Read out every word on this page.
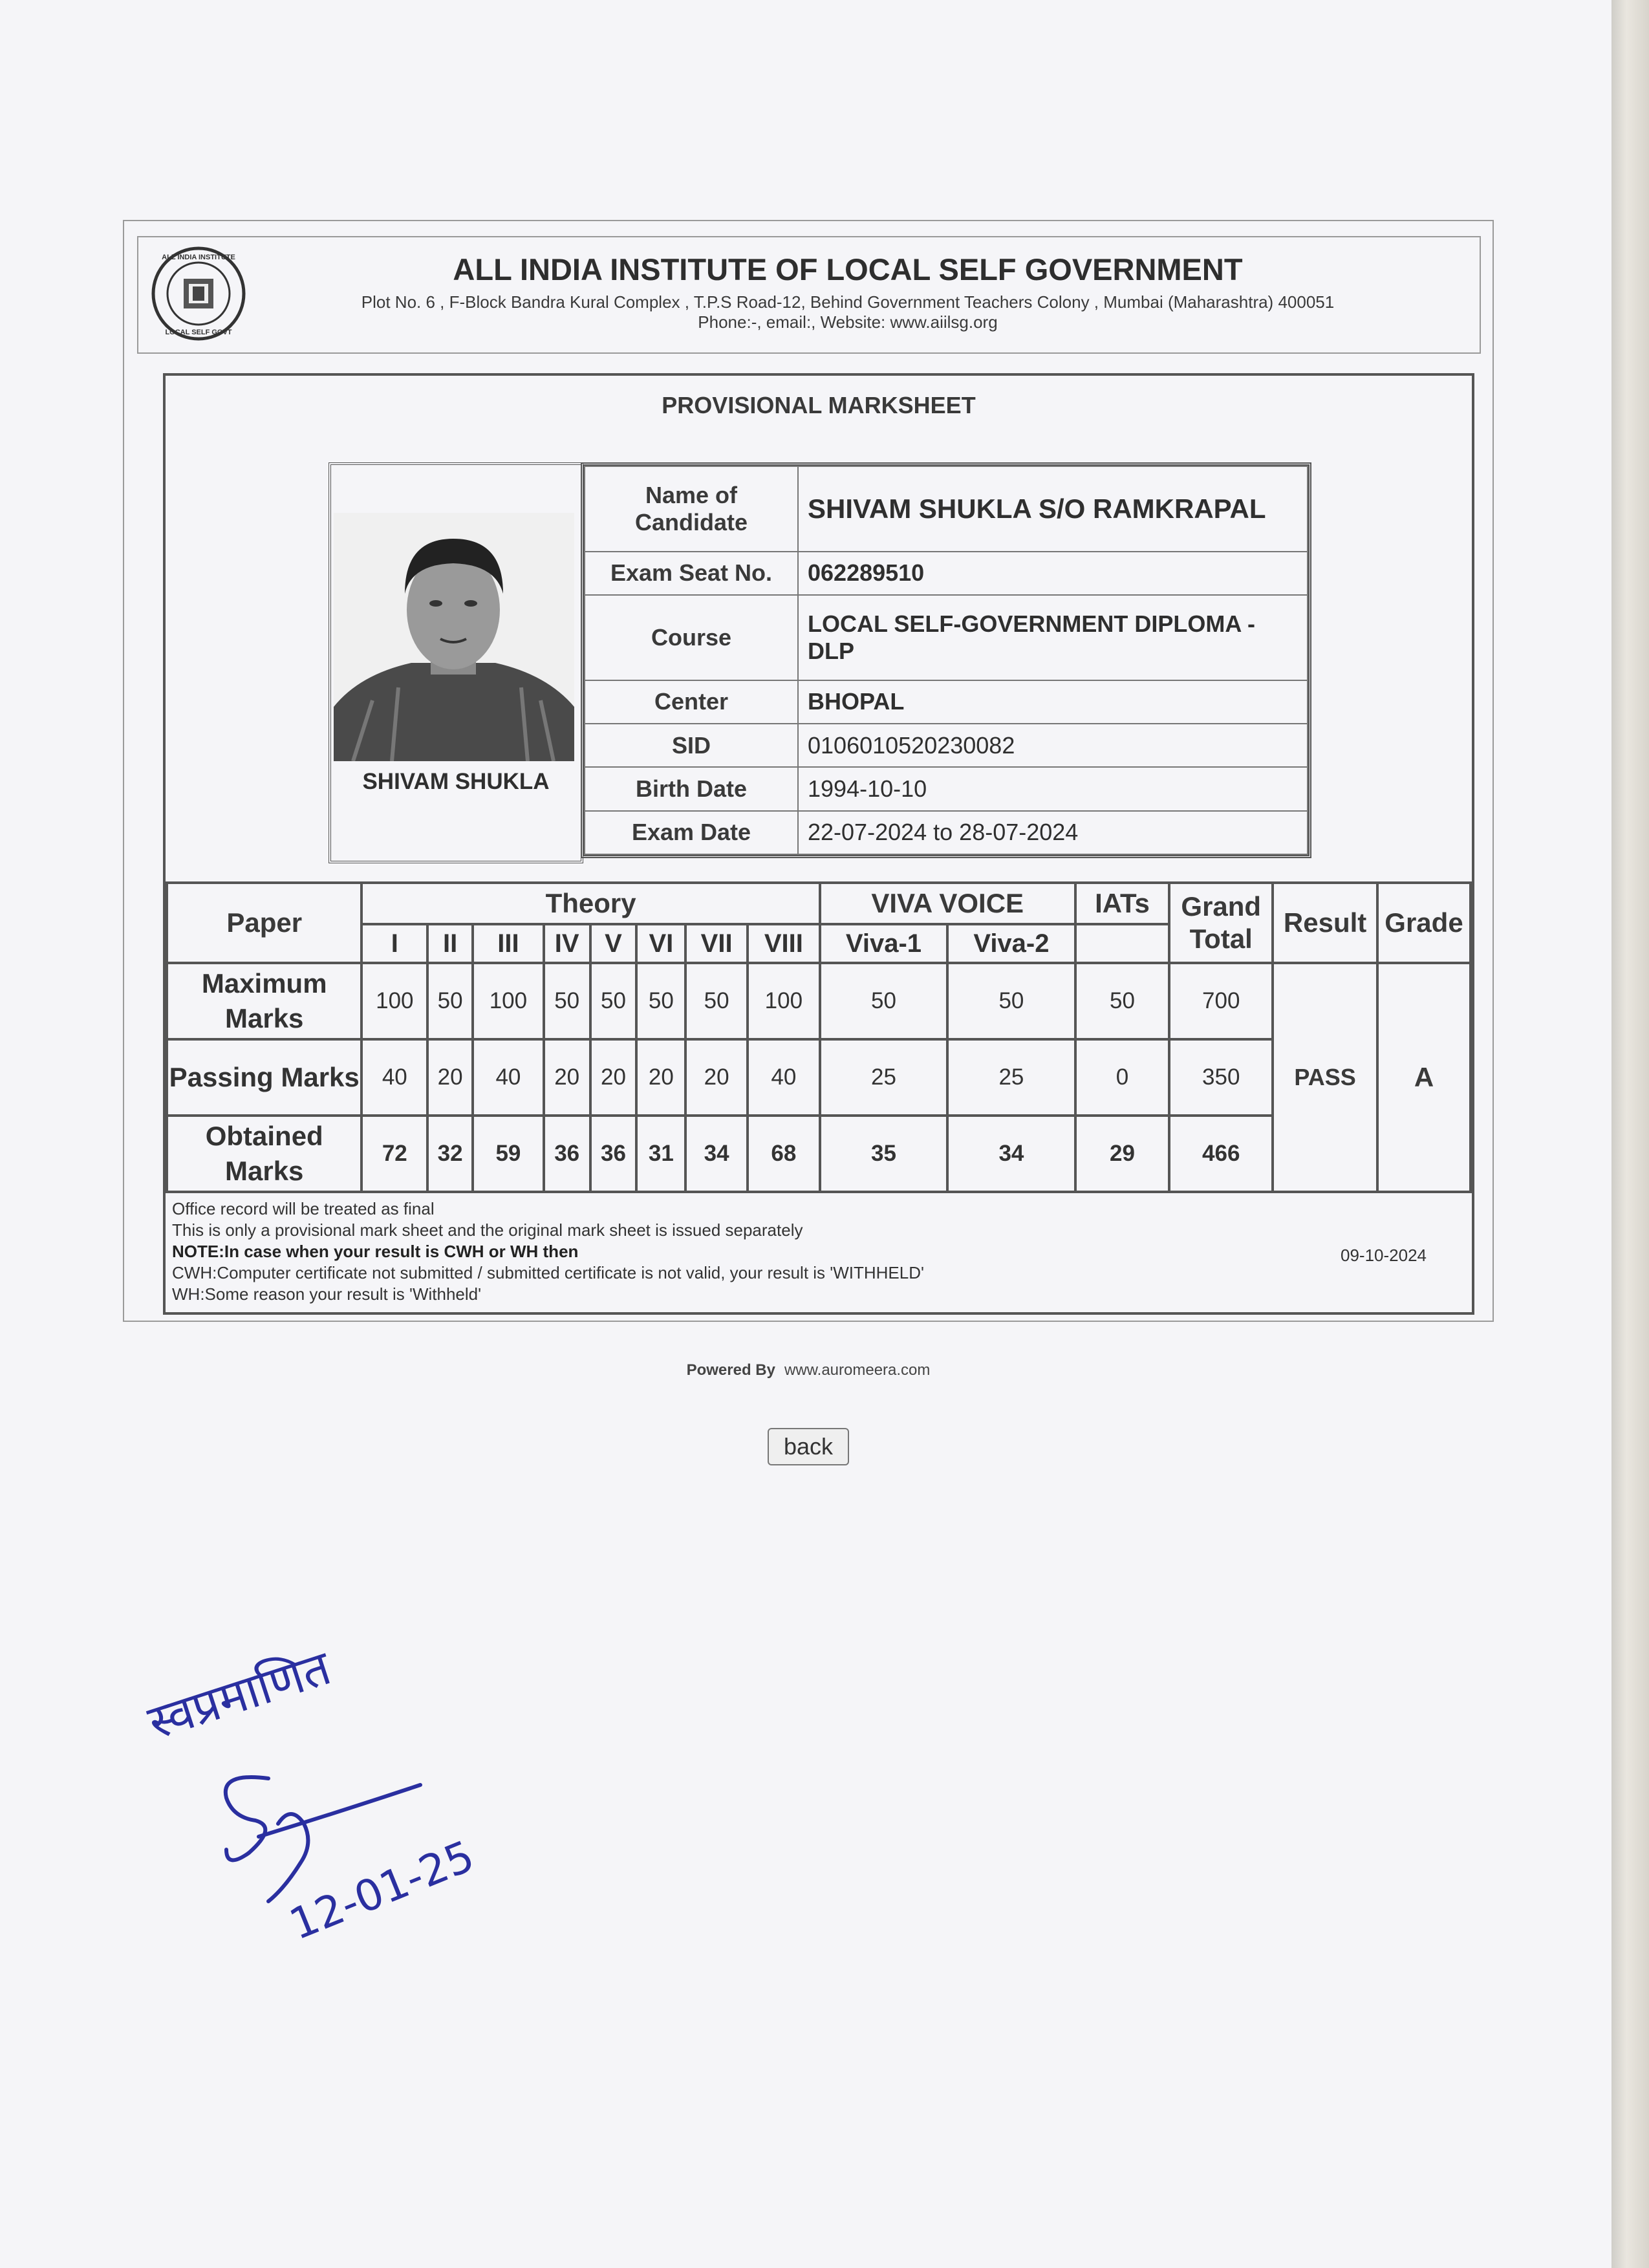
ALL INDIA INSTITUTE
LOCAL SELF GOVT
ALL INDIA INSTITUTE OF LOCAL SELF GOVERNMENT
Plot No. 6 , F-Block Bandra Kural Complex , T.P.S Road-12, Behind Government Teachers Colony , Mumbai (Maharashtra) 400051
Phone:-, email:, Website: www.aiilsg.org
PROVISIONAL MARKSHEET
SHIVAM SHUKLA
Name of Candidate	SHIVAM SHUKLA S/O RAMKRAPAL
Exam Seat No.	062289510
Course	LOCAL SELF-GOVERNMENT DIPLOMA -DLP
Center	BHOPAL
SID	0106010520230082
Birth Date	1994-10-10
Exam Date	22-07-2024 to 28-07-2024
Paper	Theory								VIVA VOICE		IATs	Grand Total	Result	Grade
	I	II	III	IV	V	VI	VII	VIII	Viva-1	Viva-2				
Maximum Marks	100	50	100	50	50	50	50	100	50	50	50	700	PASS	A
Passing Marks	40	20	40	20	20	20	20	40	25	25	0	350		
Obtained Marks	72	32	59	36	36	31	34	68	35	34	29	466		
Office record will be treated as final
This is only a provisional mark sheet and the original mark sheet is issued separately
NOTE:In case when your result is CWH or WH then
CWH:Computer certificate not submitted / submitted certificate is not valid, your result is 'WITHHELD'
WH:Some reason your result is 'Withheld'
09-10-2024
Powered By www.auromeera.com
back
स्वप्रमाणित
12-01-25
